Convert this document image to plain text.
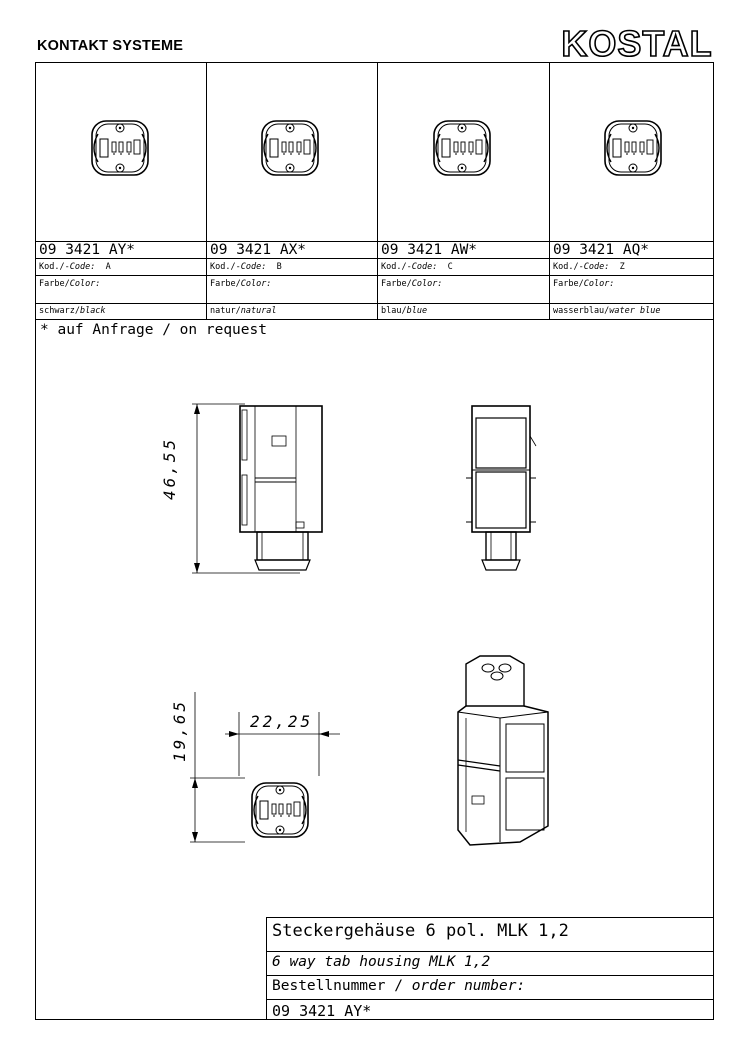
KONTAKT SYSTEME	KOSTAL
09 3421 AY*
Kod./-Code: A
Farbe/Color:
schwarz/black
09 3421 AX*
Kod./-Code: B
Farbe/Color:
natur/natural
09 3421 AW*
Kod./-Code: C
Farbe/Color:
blau/blue
09 3421 AQ*
Kod./-Code: Z
Farbe/Color:
wasserblau/water blue
* auf Anfrage / on request
Steckergehäuse 6 pol. MLK 1,2
6 way tab housing MLK 1,2
Bestellnummer / order number:
09 3421 AY*
46,55
19,65	22,25
